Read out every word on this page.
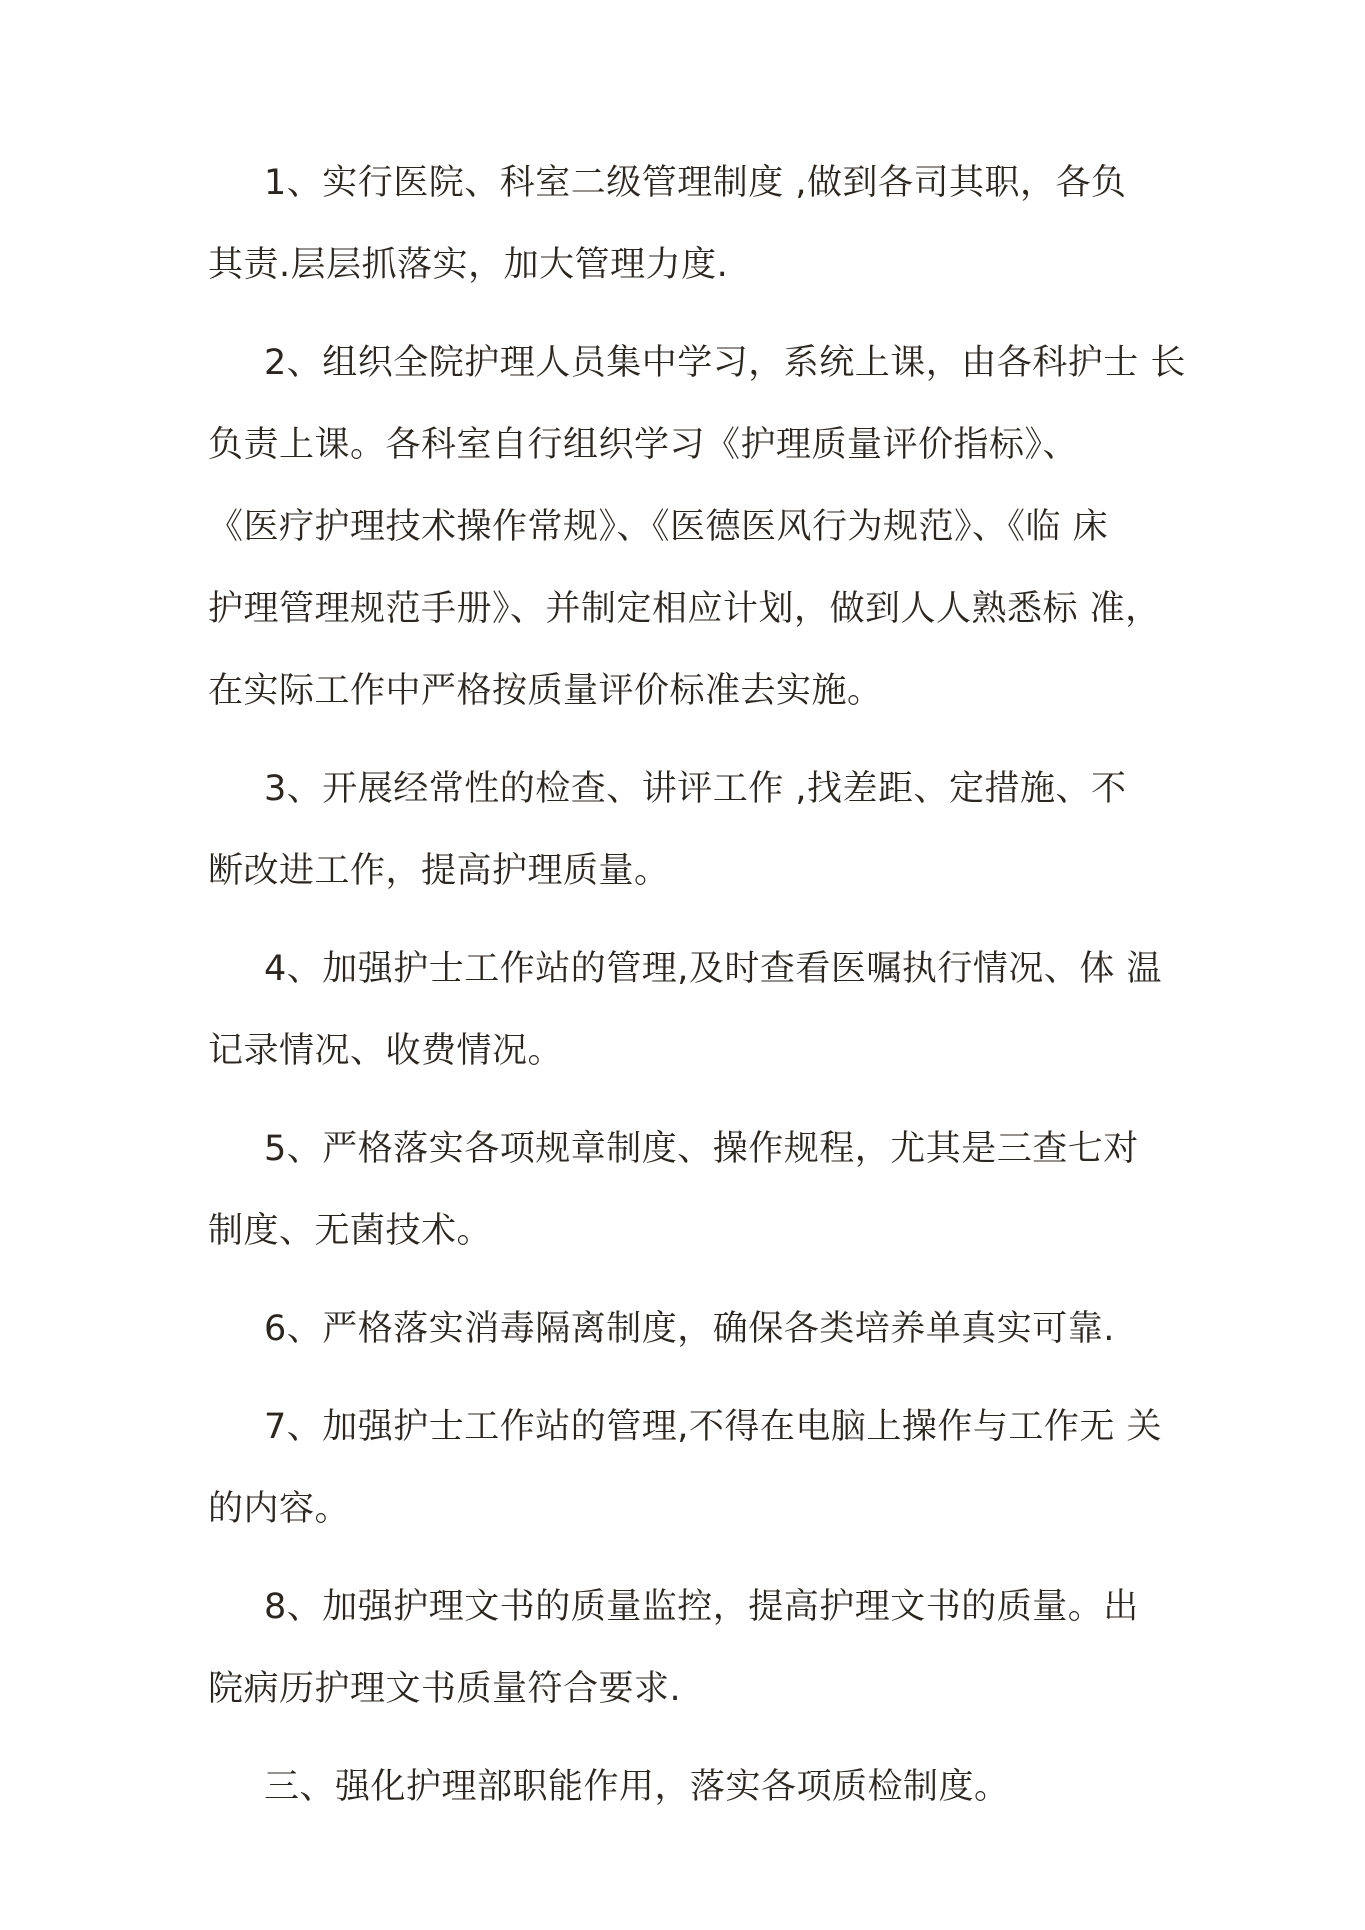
1、实行医院、科室二级管理制度 ,做到各司其职，各负
其责.层层抓落实，加大管理力度.

2、组织全院护理人员集中学习，系统上课，由各科护士 长
负责上课。各科室自行组织学习《护理质量评价指标》、
《医疗护理技术操作常规》、《医德医风行为规范》、《临 床
护理管理规范手册》、并制定相应计划，做到人人熟悉标 准，
在实际工作中严格按质量评价标准去实施。

3、开展经常性的检查、讲评工作 ,找差距、定措施、不
断改进工作，提高护理质量。

4、加强护士工作站的管理,及时查看医嘱执行情况、体 温
记录情况、收费情况。

5、严格落实各项规章制度、操作规程，尤其是三查七对
制度、无菌技术。

6、严格落实消毒隔离制度，确保各类培养单真实可靠.

7、加强护士工作站的管理,不得在电脑上操作与工作无 关
的内容。

8、加强护理文书的质量监控，提高护理文书的质量。出
院病历护理文书质量符合要求.

三、强化护理部职能作用，落实各项质检制度。
